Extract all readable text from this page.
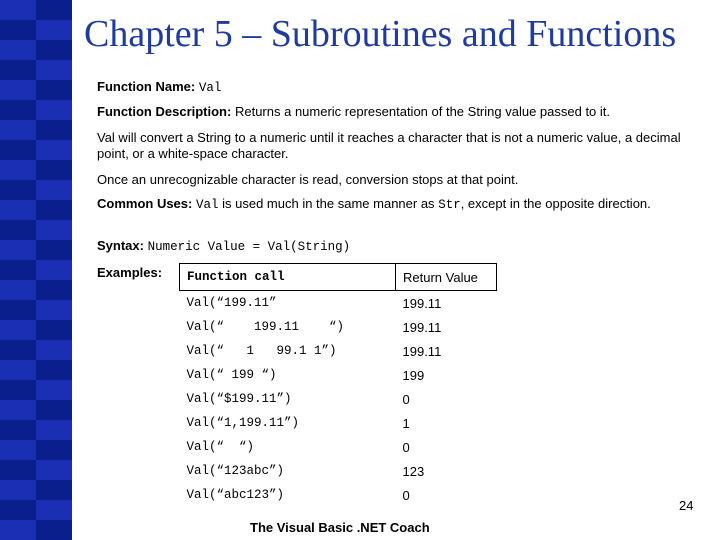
Chapter 5 – Subroutines and Functions
Function Name: Val
Function Description: Returns a numeric representation of the String value passed to it.
Val will convert a String to a numeric until it reaches a character that is not a numeric value, a decimal point, or a white-space character.
Once an unrecognizable character is read, conversion stops at that point.
Common Uses: Val is used much in the same manner as Str, except in the opposite direction.
Syntax: Numeric Value = Val(String)
Examples: Function call	Return Value
Val(“199.11”	199.11
Val(“    199.11    “)	199.11
Val(“   1   99.1 1”)	199.11
Val(“ 199 “)	199
Val(“$199.11”)	0
Val(“1,199.11”)	1
Val(“  “)	0
Val(“123abc”)	123
Val(“abc123”)	0
24
The Visual Basic .NET Coach
